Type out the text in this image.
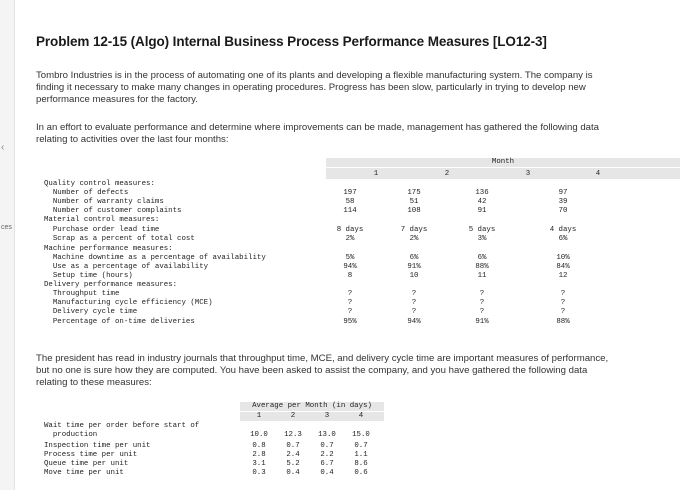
‹
ces
Problem 12-15 (Algo) Internal Business Process Performance Measures [LO12-3]
Tombro Industries is in the process of automating one of its plants and developing a flexible manufacturing system. The company is
finding it necessary to make many changes in operating procedures. Progress has been slow, particularly in trying to develop new
performance measures for the factory.
In an effort to evaluate performance and determine where improvements can be made, management has gathered the following data
relating to activities over the last four months:
Month
1	2	3	4
Quality control measures:
Number of defects	197	175	136	97
Number of warranty claims	58	51	42	39
Number of customer complaints	114	108	91	70
Material control measures:
Purchase order lead time	8 days	7 days	5 days	4 days
Scrap as a percent of total cost	2%	2%	3%	6%
Machine performance measures:
Machine downtime as a percentage of availability	5%	6%	6%	10%
Use as a percentage of availability	94%	91%	88%	84%
Setup time (hours)	8	10	11	12
Delivery performance measures:
Throughput time	?	?	?	?
Manufacturing cycle efficiency (MCE)	?	?	?	?
Delivery cycle time	?	?	?	?
Percentage of on-time deliveries	95%	94%	91%	88%
The president has read in industry journals that throughput time, MCE, and delivery cycle time are important measures of performance,
but no one is sure how they are computed. You have been asked to assist the company, and you have gathered the following data
relating to these measures:
Average per Month (in days)
1	2	3	4
Wait time per order before start of
production	10.0	12.3	13.0	15.0
Inspection time per unit	0.8	0.7	0.7	0.7
Process time per unit	2.8	2.4	2.2	1.1
Queue time per unit	3.1	5.2	6.7	8.6
Move time per unit	0.3	0.4	0.4	0.6
